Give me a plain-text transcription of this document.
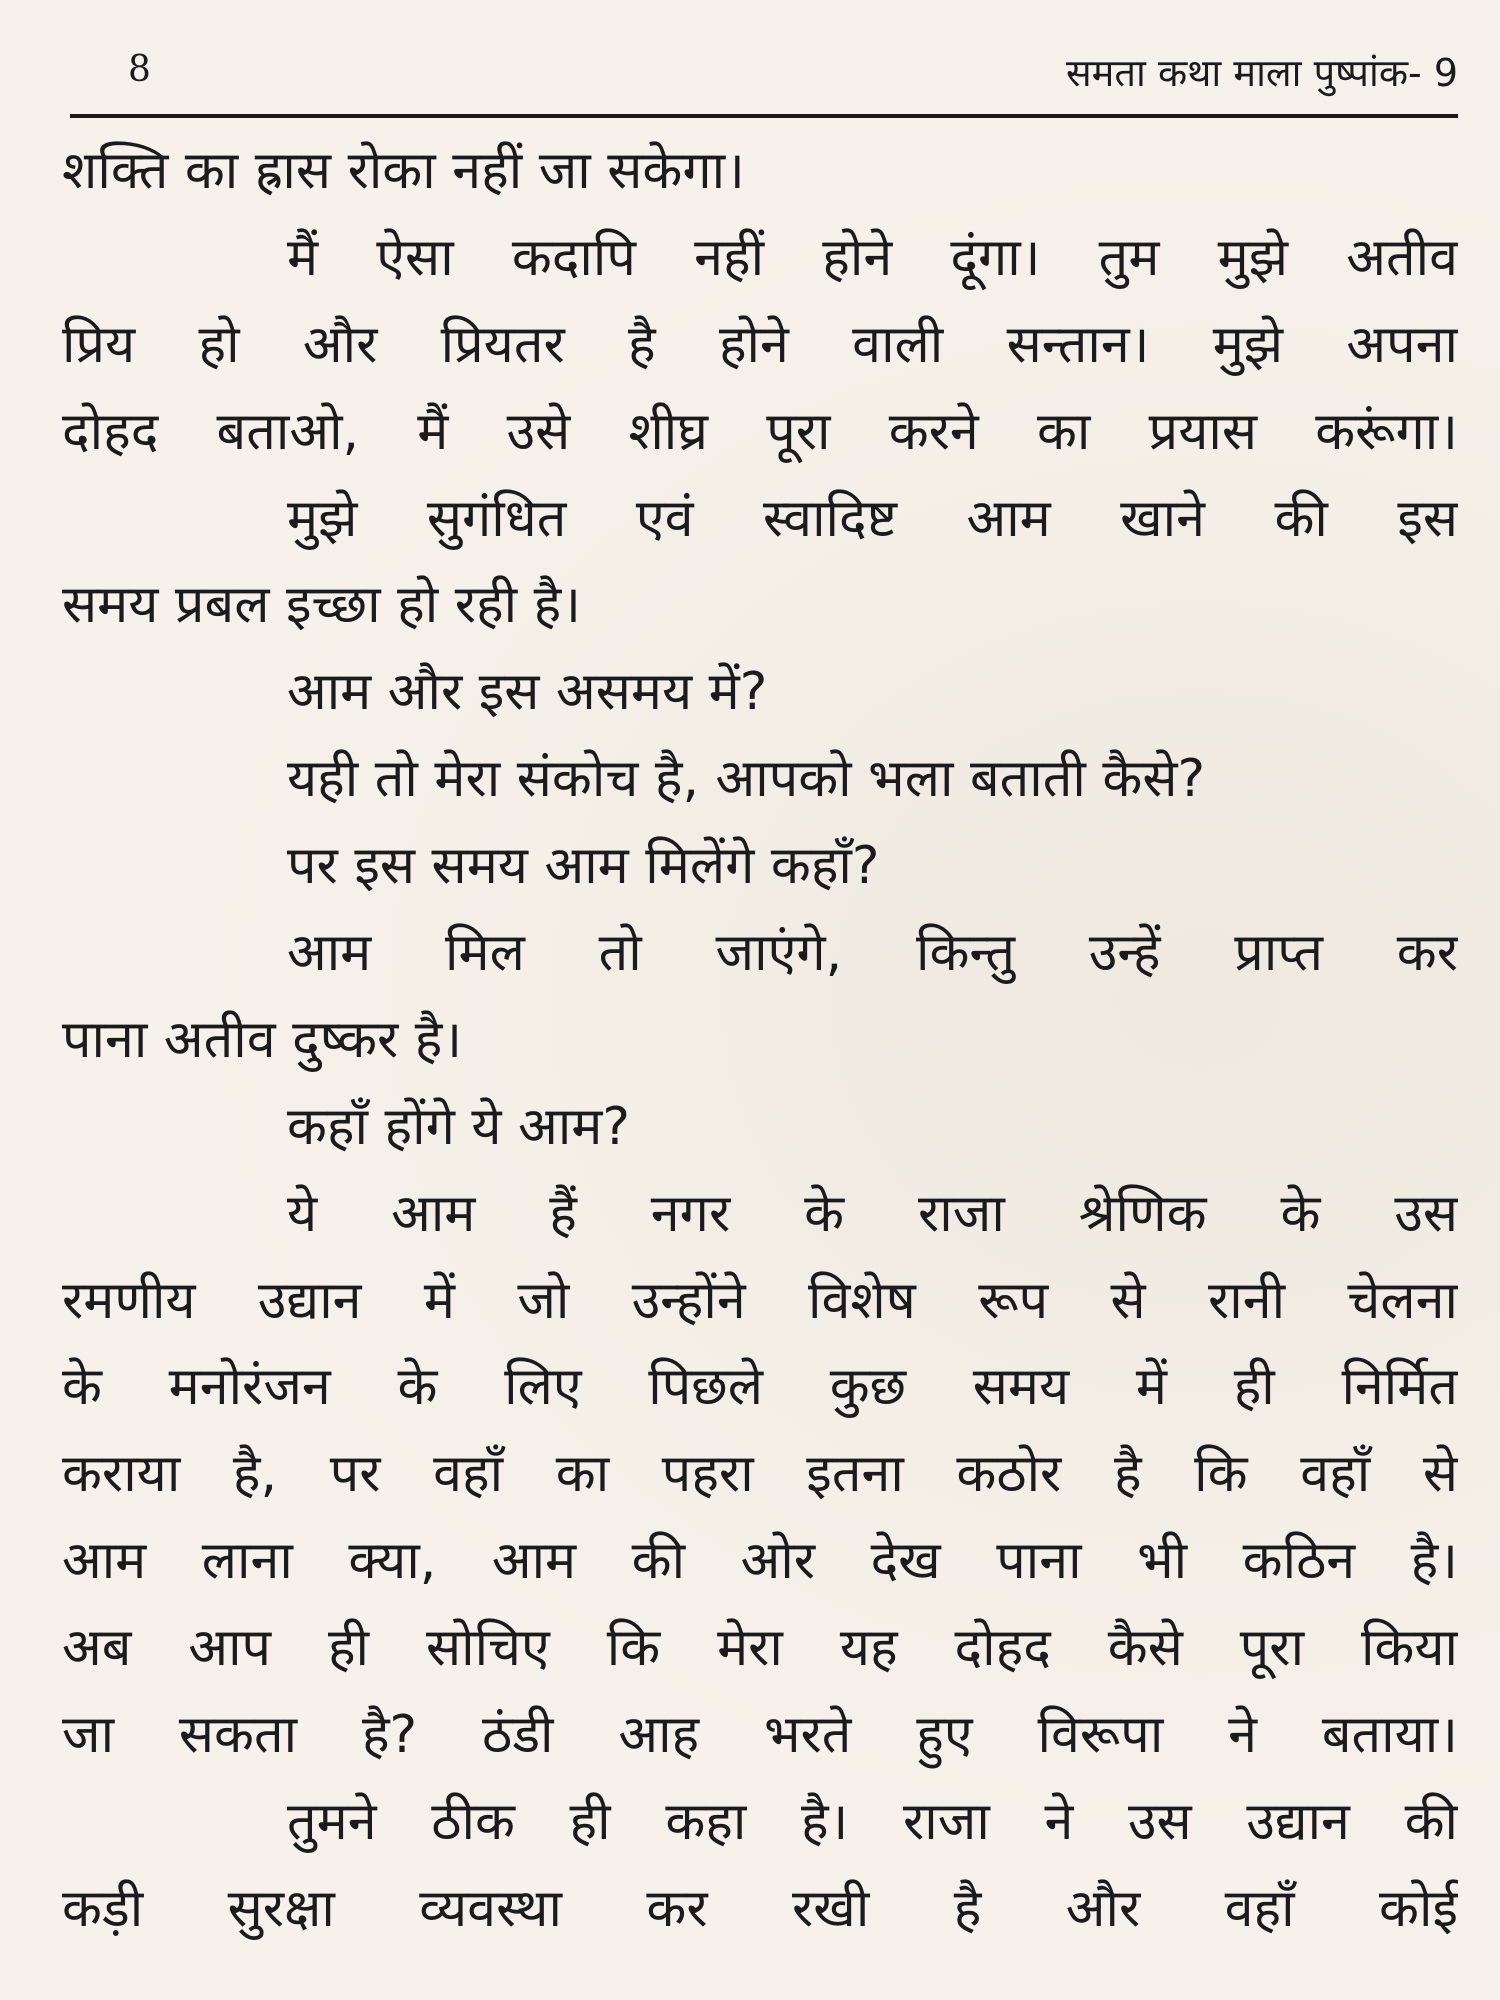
8	समता कथा माला पुष्पांक- 9
शक्ति का ह्रास रोका नहीं जा सकेगा।
मैं ऐसा कदापि नहीं होने दूंगा। तुम मुझे अतीव
प्रिय हो और प्रियतर है होने वाली सन्तान। मुझे अपना
दोहद बताओ, मैं उसे शीघ्र पूरा करने का प्रयास करूंगा।
मुझे सुगंधित एवं स्वादिष्ट आम खाने की इस
समय प्रबल इच्छा हो रही है।
आम और इस असमय में?
यही तो मेरा संकोच है, आपको भला बताती कैसे?
पर इस समय आम मिलेंगे कहाँ?
आम मिल तो जाएंगे, किन्तु उन्हें प्राप्त कर
पाना अतीव दुष्कर है।
कहाँ होंगे ये आम?
ये आम हैं नगर के राजा श्रेणिक के उस
रमणीय उद्यान में जो उन्होंने विशेष रूप से रानी चेलना
के मनोरंजन के लिए पिछले कुछ समय में ही निर्मित
कराया है, पर वहाँ का पहरा इतना कठोर है कि वहाँ से
आम लाना क्या, आम की ओर देख पाना भी कठिन है।
अब आप ही सोचिए कि मेरा यह दोहद कैसे पूरा किया
जा सकता है? ठंडी आह भरते हुए विरूपा ने बताया।
तुमने ठीक ही कहा है। राजा ने उस उद्यान की
कड़ी सुरक्षा व्यवस्था कर रखी है और वहाँ कोई
